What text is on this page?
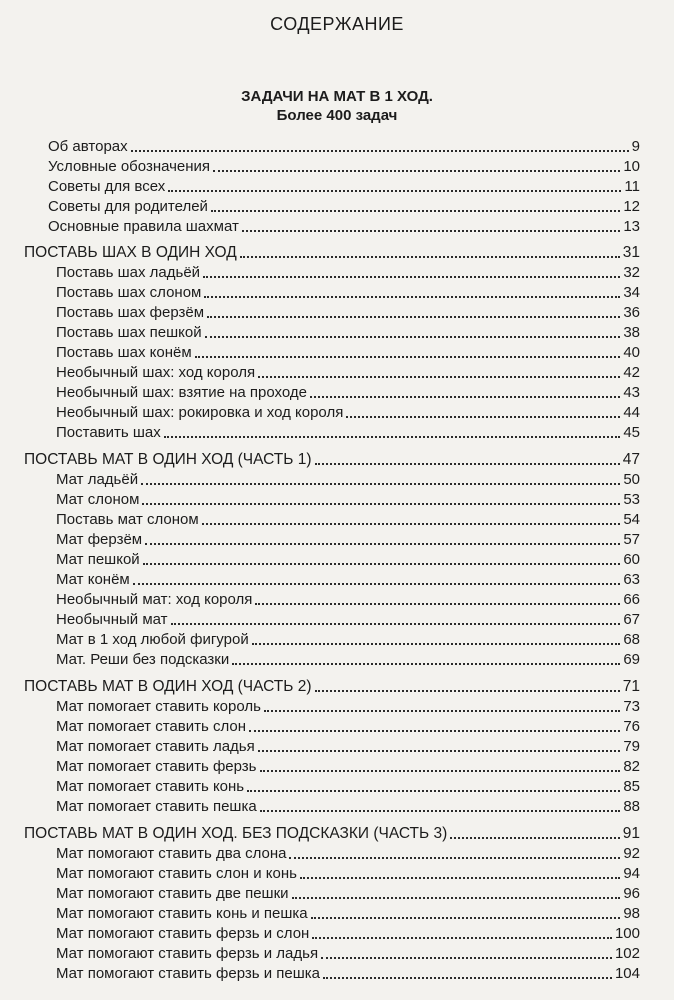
СОДЕРЖАНИЕ
ЗАДАЧИ НА МАТ В 1 ХОД.
Более 400 задач
Об авторах	9
Условные обозначения	10
Советы для всех	11
Советы для родителей	12
Основные правила шахмат	13
ПОСТАВЬ ШАХ В ОДИН ХОД	31
Поставь шах ладьёй	32
Поставь шах слоном	34
Поставь шах ферзём	36
Поставь шах пешкой	38
Поставь шах конём	40
Необычный шах: ход короля	42
Необычный шах: взятие на проходе	43
Необычный шах: рокировка и ход короля	44
Поставить шах	45
ПОСТАВЬ МАТ В ОДИН ХОД (ЧАСТЬ 1)	47
Мат ладьёй	50
Мат слоном	53
Поставь мат слоном	54
Мат ферзём	57
Мат пешкой	60
Мат конём	63
Необычный мат: ход короля	66
Необычный мат	67
Мат в 1 ход любой фигурой	68
Мат. Реши без подсказки	69
ПОСТАВЬ МАТ В ОДИН ХОД (ЧАСТЬ 2)	71
Мат помогает ставить король	73
Мат помогает ставить слон	76
Мат помогает ставить ладья	79
Мат помогает ставить ферзь	82
Мат помогает ставить конь	85
Мат помогает ставить пешка	88
ПОСТАВЬ МАТ В ОДИН ХОД. БЕЗ ПОДСКАЗКИ (ЧАСТЬ 3)	91
Мат помогают ставить два слона	92
Мат помогают ставить слон и конь	94
Мат помогают ставить две пешки	96
Мат помогают ставить конь и пешка	98
Мат помогают ставить ферзь и слон	100
Мат помогают ставить ферзь и ладья	102
Мат помогают ставить ферзь и пешка	104
